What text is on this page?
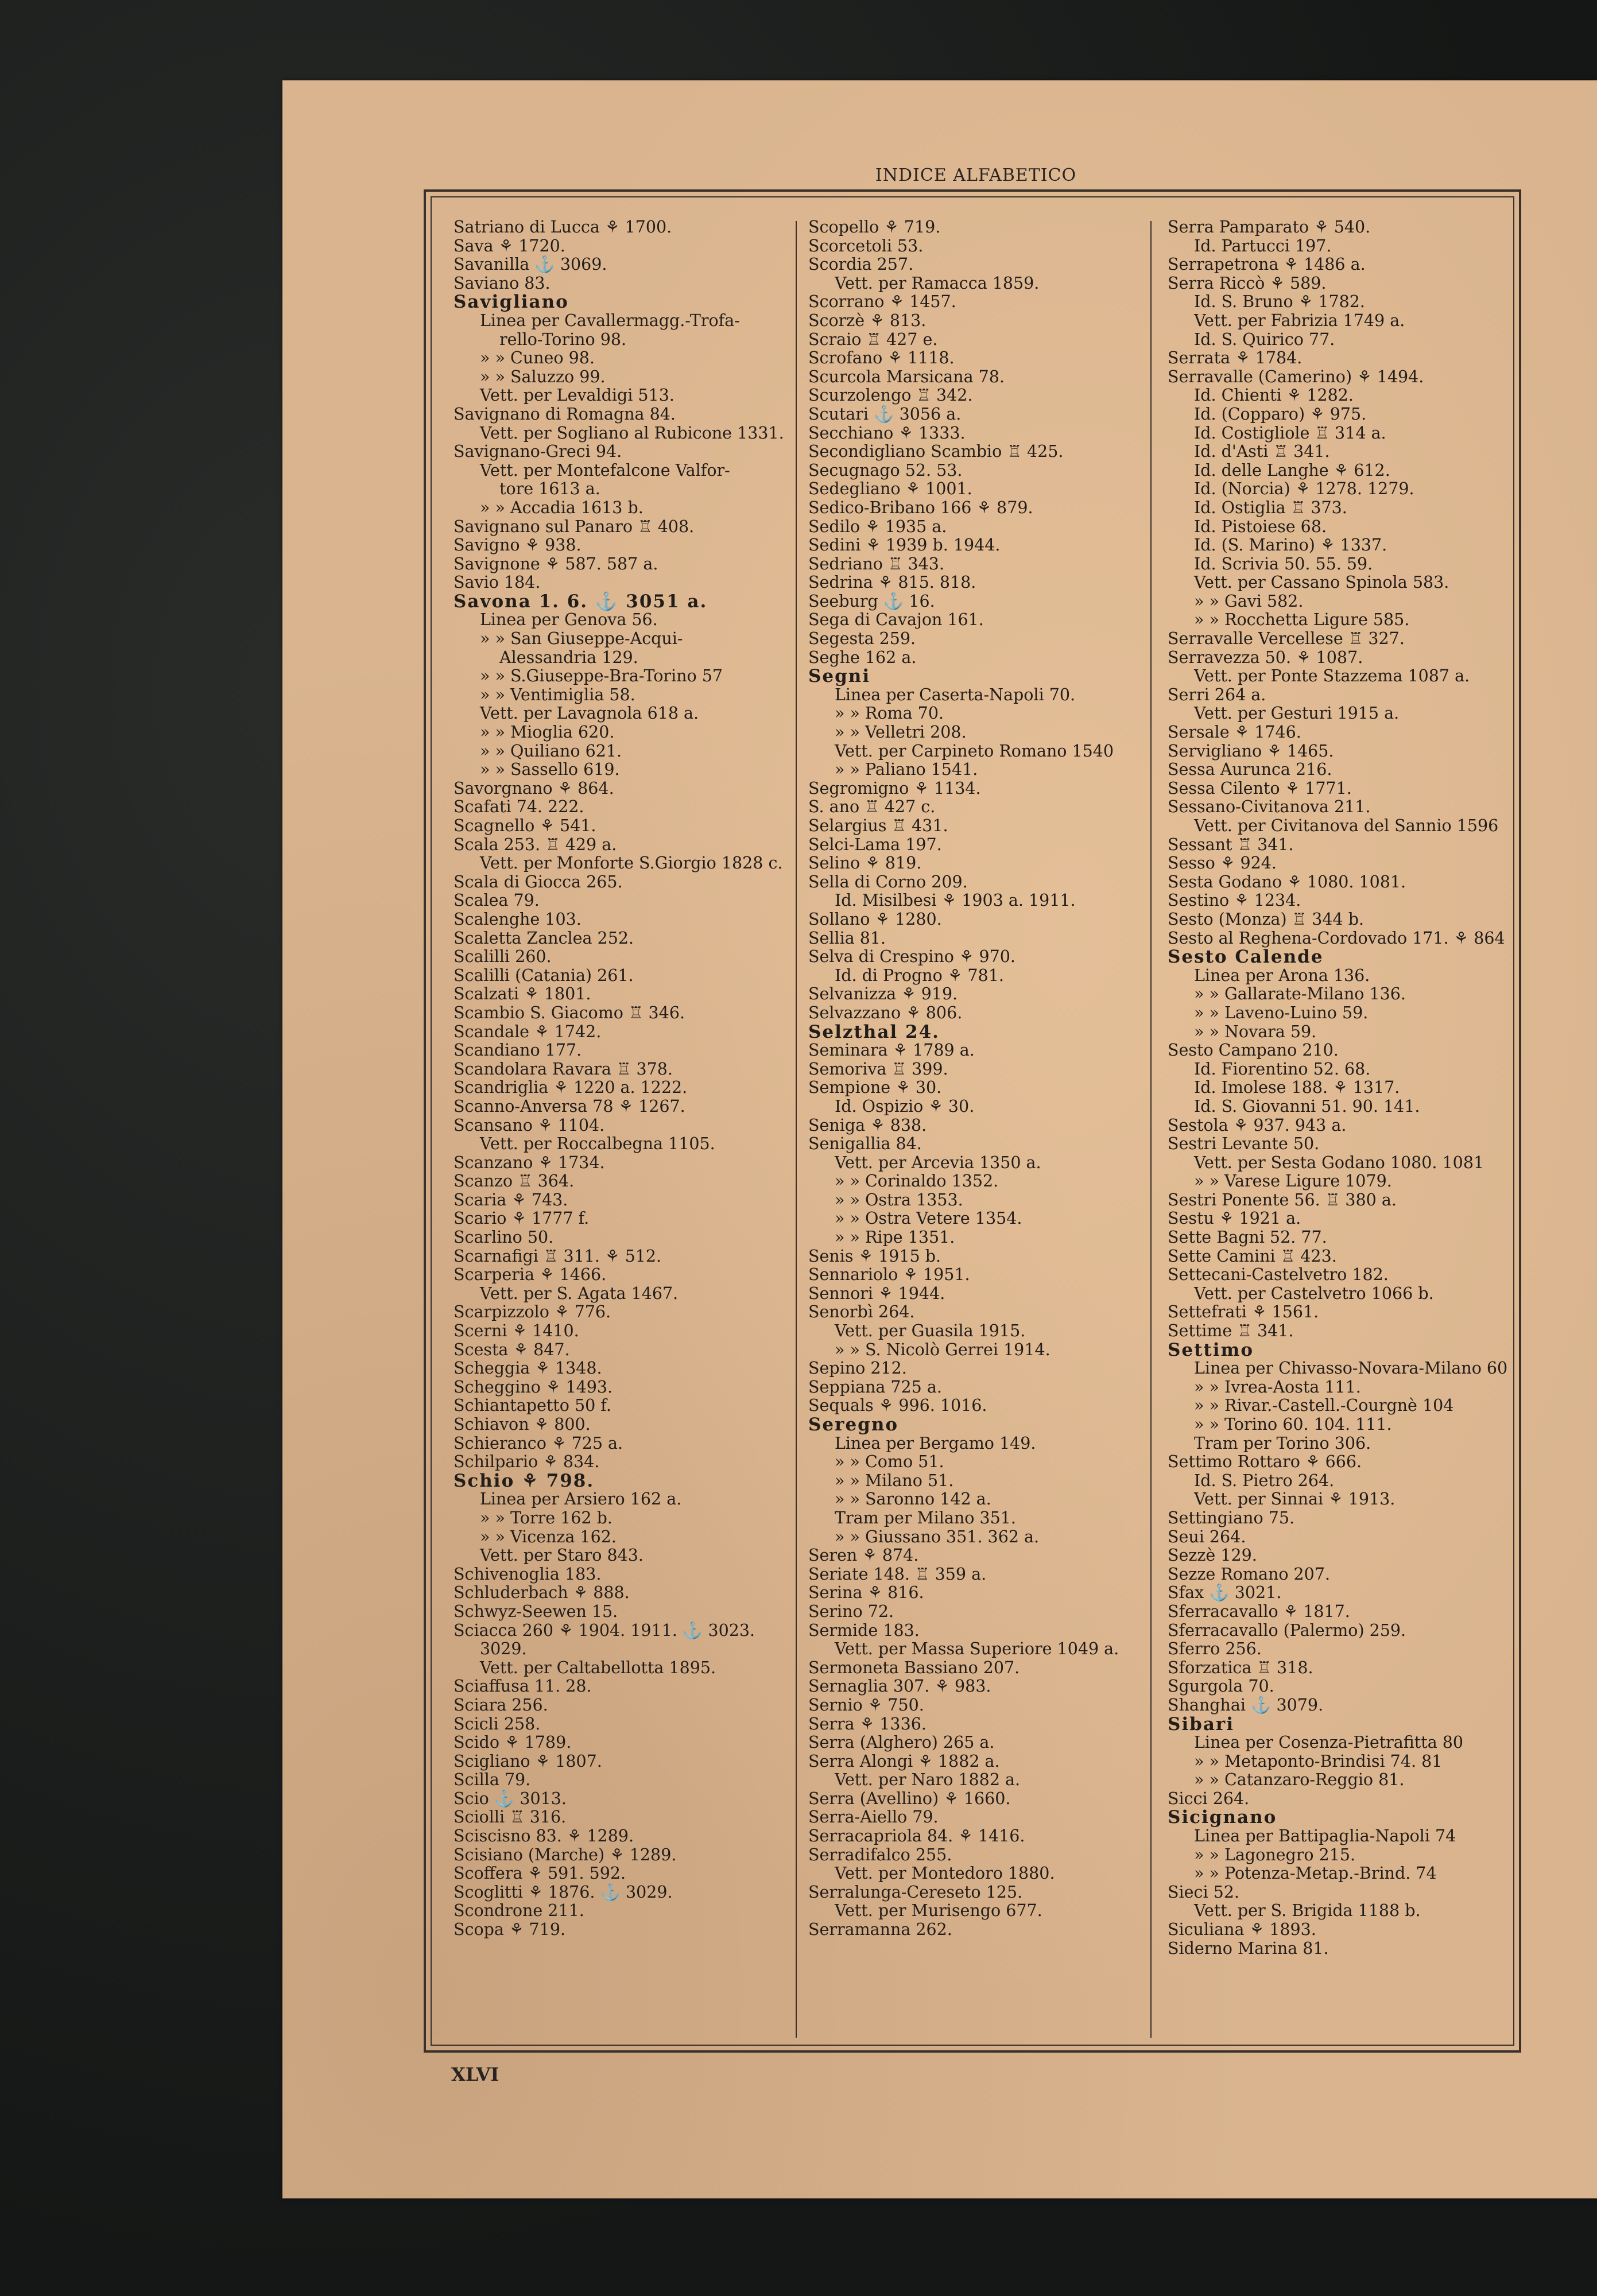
INDICE ALFABETICO
Satriano di Lucca ⚘ 1700.
Sava ⚘ 1720.
Savanilla ⚓ 3069.
Saviano 83.
Savigliano
Linea per Cavallermagg.-Trofa-
rello-Torino 98.
» » Cuneo 98.
» » Saluzzo 99.
Vett. per Levaldigi 513.
Savignano di Romagna 84.
Vett. per Sogliano al Rubicone 1331.
Savignano-Greci 94.
Vett. per Montefalcone Valfor-
tore 1613 a.
» » Accadia 1613 b.
Savignano sul Panaro ♖ 408.
Savigno ⚘ 938.
Savignone ⚘ 587. 587 a.
Savio 184.
Savona 1. 6. ⚓ 3051 a.
Linea per Genova 56.
» » San Giuseppe-Acqui-
Alessandria 129.
» » S.Giuseppe-Bra-Torino 57
» » Ventimiglia 58.
Vett. per Lavagnola 618 a.
» » Miogliа 620.
» » Quiliano 621.
» » Sassello 619.
Savorgnano ⚘ 864.
Scafati 74. 222.
Scagnello ⚘ 541.
Scala 253. ♖ 429 a.
Vett. per Monforte S.Giorgio 1828 c.
Scala di Giocca 265.
Scalea 79.
Scalenghe 103.
Scaletta Zanclea 252.
Scalilli 260.
Scalilli (Catania) 261.
Scalzati ⚘ 1801.
Scambio S. Giacomo ♖ 346.
Scandale ⚘ 1742.
Scandiano 177.
Scandolara Ravara ♖ 378.
Scandriglia ⚘ 1220 a. 1222.
Scanno-Anversa 78 ⚘ 1267.
Scansano ⚘ 1104.
Vett. per Roccalbegna 1105.
Scanzano ⚘ 1734.
Scanzo ♖ 364.
Scaria ⚘ 743.
Scario ⚘ 1777 f.
Scarlino 50.
Scarnafigi ♖ 311. ⚘ 512.
Scarperia ⚘ 1466.
Vett. per S. Agata 1467.
Scarpizzolo ⚘ 776.
Scerni ⚘ 1410.
Scesta ⚘ 847.
Scheggia ⚘ 1348.
Scheggino ⚘ 1493.
Schiantapetto 50 f.
Schiavon ⚘ 800.
Schieranco ⚘ 725 a.
Schilpario ⚘ 834.
Schio ⚘ 798.
Linea per Arsiero 162 a.
» » Torre 162 b.
» » Vicenza 162.
Vett. per Staro 843.
Schivenoglia 183.
Schluderbach ⚘ 888.
Schwyz-Seewen 15.
Sciacca 260 ⚘ 1904. 1911. ⚓ 3023.
3029.
Vett. per Caltabellotta 1895.
Sciaffusa 11. 28.
Sciara 256.
Scicli 258.
Scido ⚘ 1789.
Scigliano ⚘ 1807.
Scilla 79.
Scio ⚓ 3013.
Sciolli ♖ 316.
Sciscisno 83. ⚘ 1289.
Scisiano (Marche) ⚘ 1289.
Scoffera ⚘ 591. 592.
Scoglitti ⚘ 1876. ⚓ 3029.
Scondrone 211.
Scopa ⚘ 719.
Scopello ⚘ 719.
Scorcetoli 53.
Scordia 257.
Vett. per Ramacca 1859.
Scorrano ⚘ 1457.
Scorzè ⚘ 813.
Scraio ♖ 427 e.
Scrofano ⚘ 1118.
Scurcola Marsicana 78.
Scurzolengo ♖ 342.
Scutari ⚓ 3056 a.
Secchiano ⚘ 1333.
Secondigliano Scambio ♖ 425.
Secugnago 52. 53.
Sedegliano ⚘ 1001.
Sedico-Bribano 166 ⚘ 879.
Sedilo ⚘ 1935 a.
Sedini ⚘ 1939 b. 1944.
Sedriano ♖ 343.
Sedrina ⚘ 815. 818.
Seeburg ⚓ 16.
Sega di Cavajon 161.
Segesta 259.
Seghe 162 a.
Segni
Linea per Caserta-Napoli 70.
» » Roma 70.
» » Velletri 208.
Vett. per Carpineto Romano 1540
» » Paliano 1541.
Segromigno ⚘ 1134.
S. ano ♖ 427 c.
Selargius ♖ 431.
Selci-Lama 197.
Selino ⚘ 819.
Sella di Corno 209.
Id. Misilbesi ⚘ 1903 a. 1911.
Sollano ⚘ 1280.
Sellia 81.
Selva di Crespino ⚘ 970.
Id. di Progno ⚘ 781.
Selvanizza ⚘ 919.
Selvazzano ⚘ 806.
Selzthal 24.
Seminara ⚘ 1789 a.
Semoriva ♖ 399.
Sempione ⚘ 30.
Id. Ospizio ⚘ 30.
Seniga ⚘ 838.
Senigallia 84.
Vett. per Arcevia 1350 a.
» » Corinaldo 1352.
» » Ostra 1353.
» » Ostra Vetere 1354.
» » Ripe 1351.
Senis ⚘ 1915 b.
Sennariolo ⚘ 1951.
Sennori ⚘ 1944.
Senorbì 264.
Vett. per Guasila 1915.
» » S. Nicolò Gerrei 1914.
Sepino 212.
Seppiana 725 a.
Sequals ⚘ 996. 1016.
Seregno
Linea per Bergamo 149.
» » Como 51.
» » Milano 51.
» » Saronno 142 a.
Tram per Milano 351.
» » Giussano 351. 362 a.
Seren ⚘ 874.
Seriate 148. ♖ 359 a.
Serina ⚘ 816.
Serino 72.
Sermide 183.
Vett. per Massa Superiore 1049 a.
Sermoneta Bassiano 207.
Sernaglia 307. ⚘ 983.
Sernio ⚘ 750.
Serra ⚘ 1336.
Serra (Alghero) 265 a.
Serra Alongi ⚘ 1882 a.
Vett. per Naro 1882 a.
Serra (Avellino) ⚘ 1660.
Serra-Aiello 79.
Serracapriola 84. ⚘ 1416.
Serradifalco 255.
Vett. per Montedoro 1880.
Serralunga-Cereseto 125.
Vett. per Murisengo 677.
Serramanna 262.
Serra Pamparato ⚘ 540.
Id. Partucci 197.
Serrapetrona ⚘ 1486 a.
Serra Riccò ⚘ 589.
Id. S. Bruno ⚘ 1782.
Vett. per Fabrizia 1749 a.
Id. S. Quirico 77.
Serrata ⚘ 1784.
Serravalle (Camerino) ⚘ 1494.
Id. Chienti ⚘ 1282.
Id. (Copparo) ⚘ 975.
Id. Costigliole ♖ 314 a.
Id. d'Asti ♖ 341.
Id. delle Langhe ⚘ 612.
Id. (Norcia) ⚘ 1278. 1279.
Id. Ostiglia ♖ 373.
Id. Pistoiese 68.
Id. (S. Marino) ⚘ 1337.
Id. Scrivia 50. 55. 59.
Vett. per Cassano Spinola 583.
» » Gavi 582.
» » Rocchetta Ligure 585.
Serravalle Vercellese ♖ 327.
Serravezza 50. ⚘ 1087.
Vett. per Ponte Stazzema 1087 a.
Serri 264 a.
Vett. per Gesturi 1915 a.
Sersale ⚘ 1746.
Servigliano ⚘ 1465.
Sessa Aurunca 216.
Sessa Cilento ⚘ 1771.
Sessano-Civitanova 211.
Vett. per Civitanova del Sannio 1596
Sessant ♖ 341.
Sesso ⚘ 924.
Sesta Godano ⚘ 1080. 1081.
Sestino ⚘ 1234.
Sesto (Monza) ♖ 344 b.
Sesto al Reghena-Cordovado 171. ⚘ 864
Sesto Calende
Linea per Arona 136.
» » Gallarate-Milano 136.
» » Laveno-Luino 59.
» » Novara 59.
Sesto Campano 210.
Id. Fiorentino 52. 68.
Id. Imolese 188. ⚘ 1317.
Id. S. Giovanni 51. 90. 141.
Sestola ⚘ 937. 943 a.
Sestri Levante 50.
Vett. per Sesta Godano 1080. 1081
» » Varese Ligure 1079.
Sestri Ponente 56. ♖ 380 a.
Sestu ⚘ 1921 a.
Sette Bagni 52. 77.
Sette Camini ♖ 423.
Settecani-Castelvetro 182.
Vett. per Castelvetro 1066 b.
Settefrati ⚘ 1561.
Settime ♖ 341.
Settimo
Linea per Chivasso-Novara-Milano 60
» » Ivrea-Aosta 111.
» » Rivar.-Castell.-Courgnè 104
» » Torino 60. 104. 111.
Tram per Torino 306.
Settimo Rottaro ⚘ 666.
Id. S. Pietro 264.
Vett. per Sinnai ⚘ 1913.
Settingiano 75.
Seui 264.
Sezzè 129.
Sezze Romano 207.
Sfax ⚓ 3021.
Sferracavallo ⚘ 1817.
Sferracavallo (Palermo) 259.
Sferro 256.
Sforzatica ♖ 318.
Sgurgola 70.
Shanghai ⚓ 3079.
Sibari
Linea per Cosenza-Pietrafitta 80
» » Metaponto-Brindisi 74. 81
» » Catanzaro-Reggio 81.
Sicci 264.
Sicignano
Linea per Battipaglia-Napoli 74
» » Lagonegro 215.
» » Potenza-Metap.-Brind. 74
Sieci 52.
Vett. per S. Brigida 1188 b.
Siculiana ⚘ 1893.
Siderno Marina 81.
XLVI
